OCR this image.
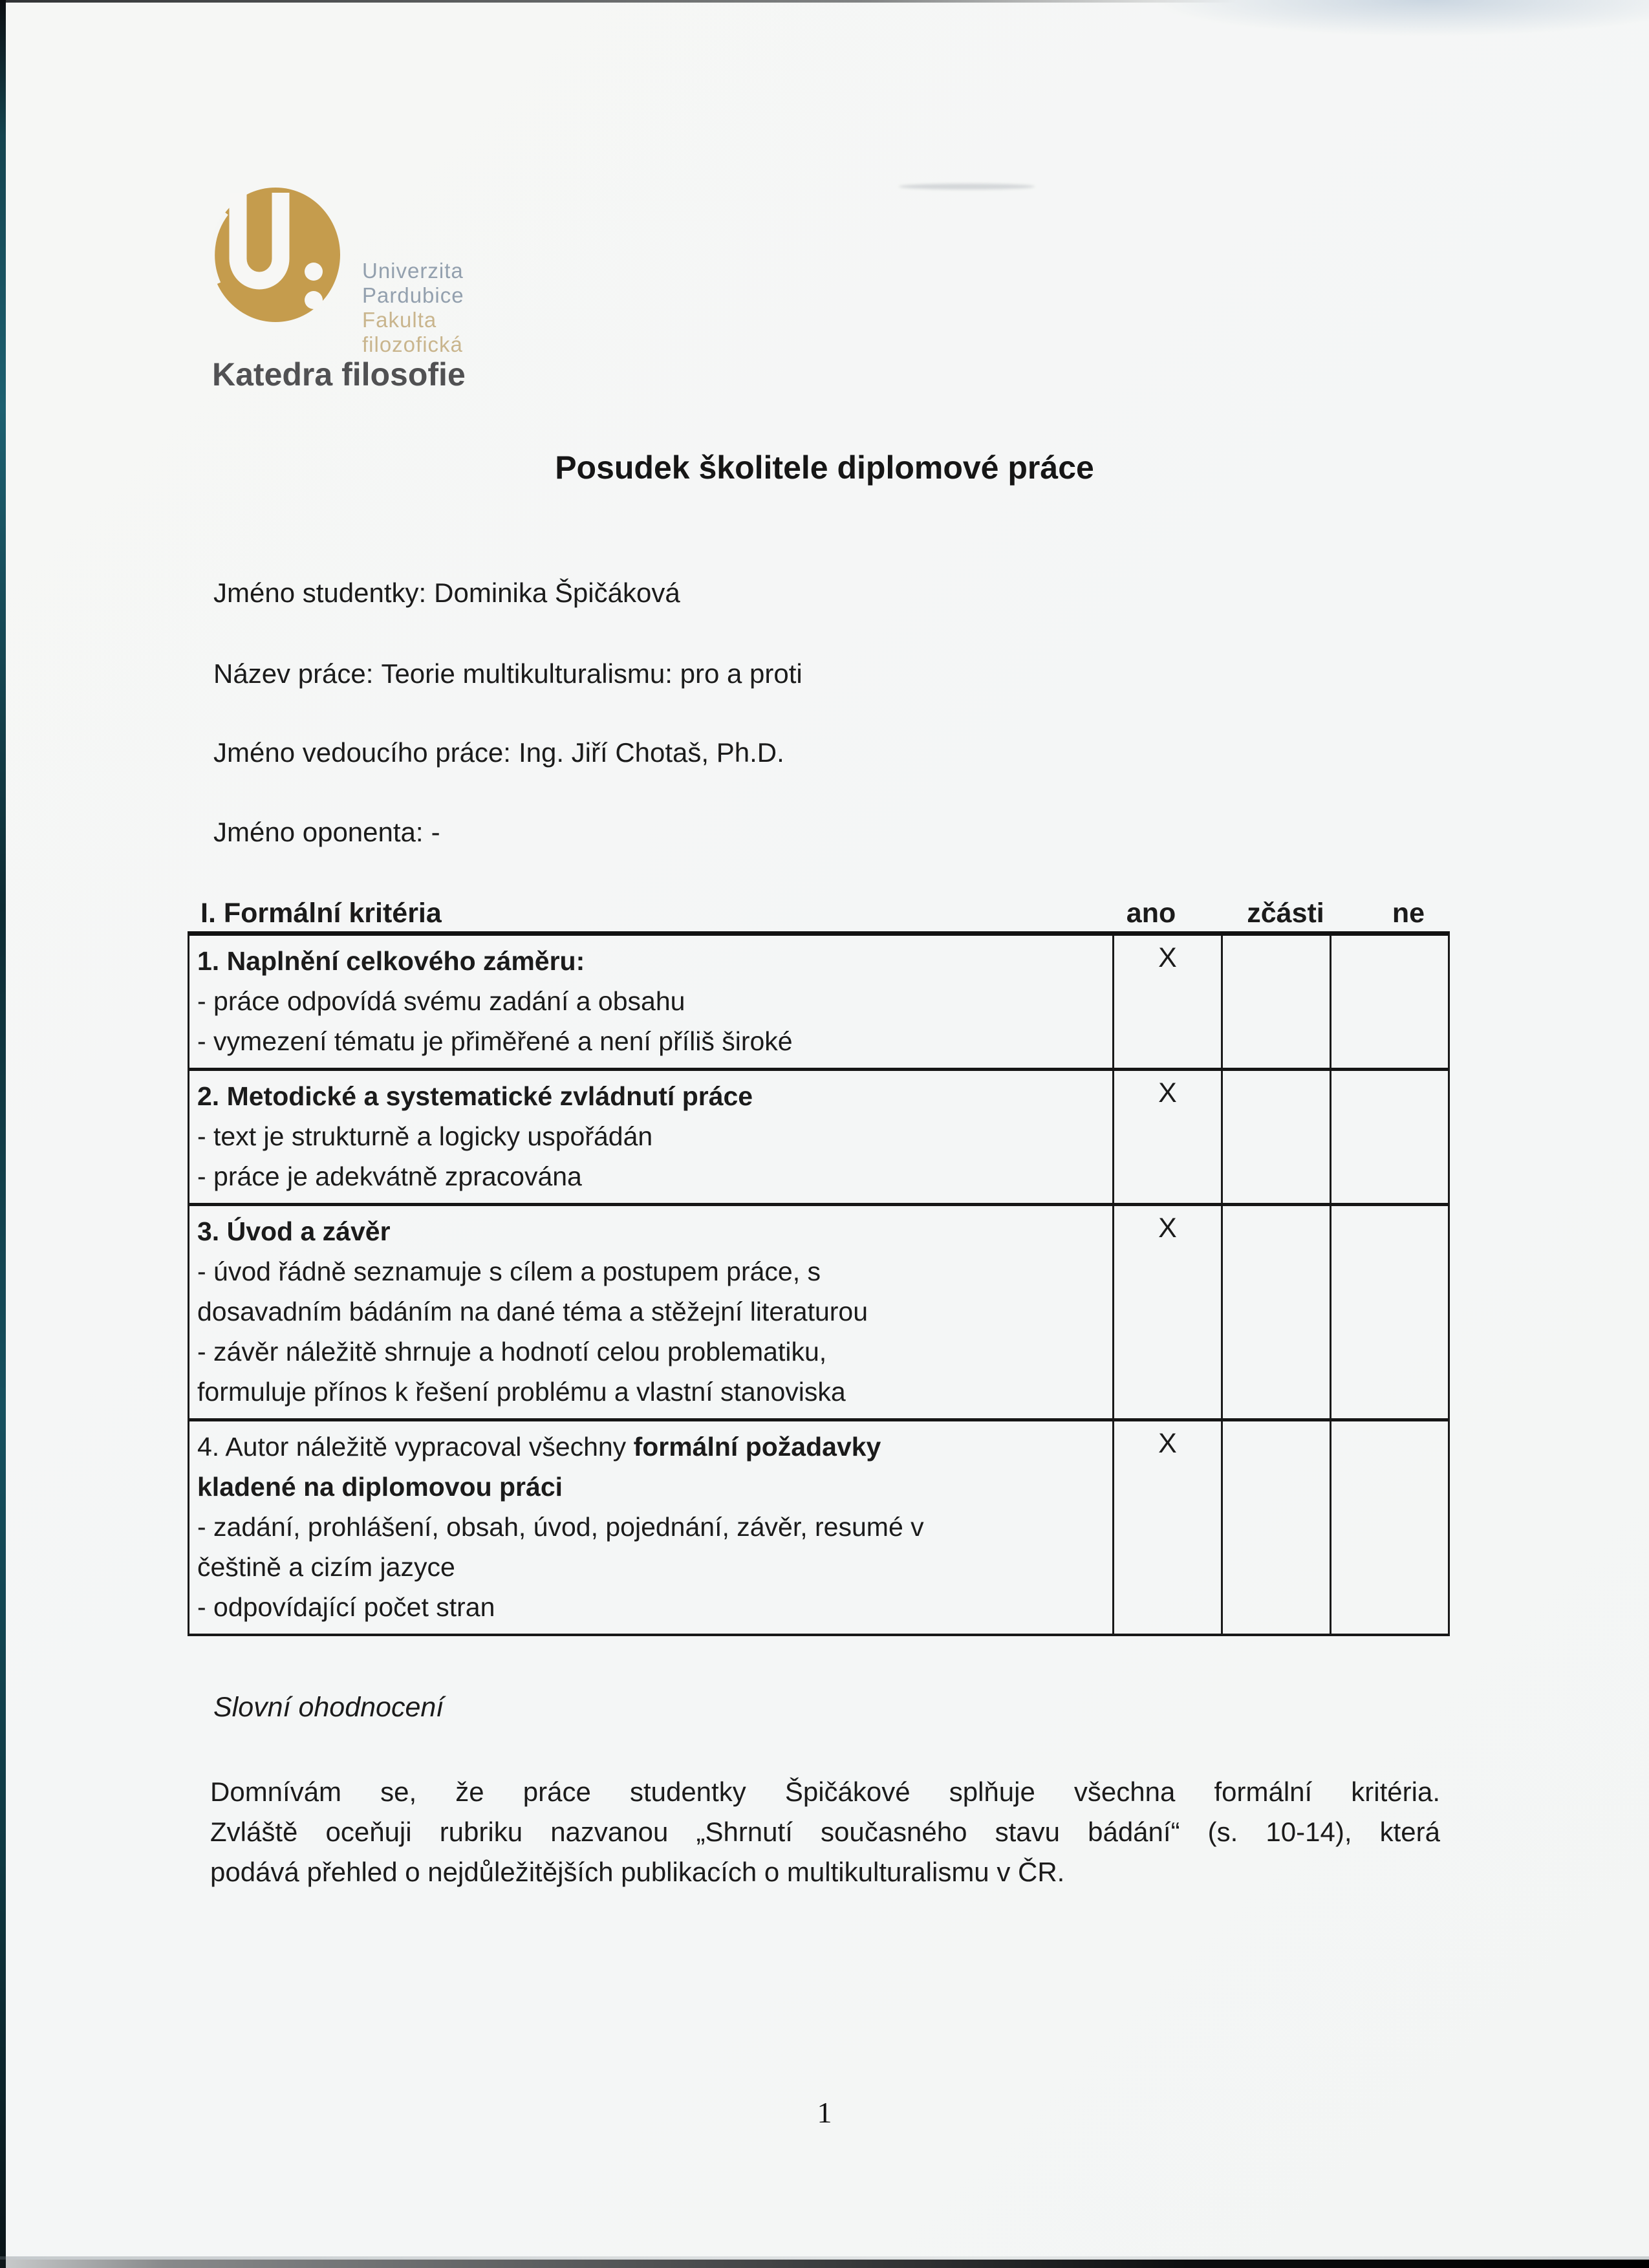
Univerzita
Pardubice
Fakulta
filozofická
Katedra filosofie
Posudek školitele diplomové práce
Jméno studentky: Dominika Špičáková
Název práce: Teorie multikulturalismu: pro a proti
Jméno vedoucího práce: Ing. Jiří Chotaš, Ph.D.
Jméno oponenta: -
I. Formální kritéria	ano	zčásti ne
1. Naplnění celkového záměru:
- práce odpovídá svému zadání a obsahu
- vymezení tématu je přiměřené a není příliš široké
X
2. Metodické a systematické zvládnutí práce
- text je strukturně a logicky uspořádán
- práce je adekvátně zpracována
X
3. Úvod a závěr
- úvod řádně seznamuje s cílem a postupem práce, s
dosavadním bádáním na dané téma a stěžejní literaturou
- závěr náležitě shrnuje a hodnotí celou problematiku,
formuluje přínos k řešení problému a vlastní stanoviska
X
4. Autor náležitě vypracoval všechny formální požadavky
kladené na diplomovou práci
- zadání, prohlášení, obsah, úvod, pojednání, závěr, resumé v
češtině a cizím jazyce
- odpovídající počet stran
X
Slovní ohodnocení
Domnívám se, že práce studentky Špičákové splňuje všechna formální kritéria.
Zvláště oceňuji rubriku nazvanou „Shrnutí současného stavu bádání“ (s. 10-14), která
podává přehled o nejdůležitějších publikacích o multikulturalismu v ČR.
1
